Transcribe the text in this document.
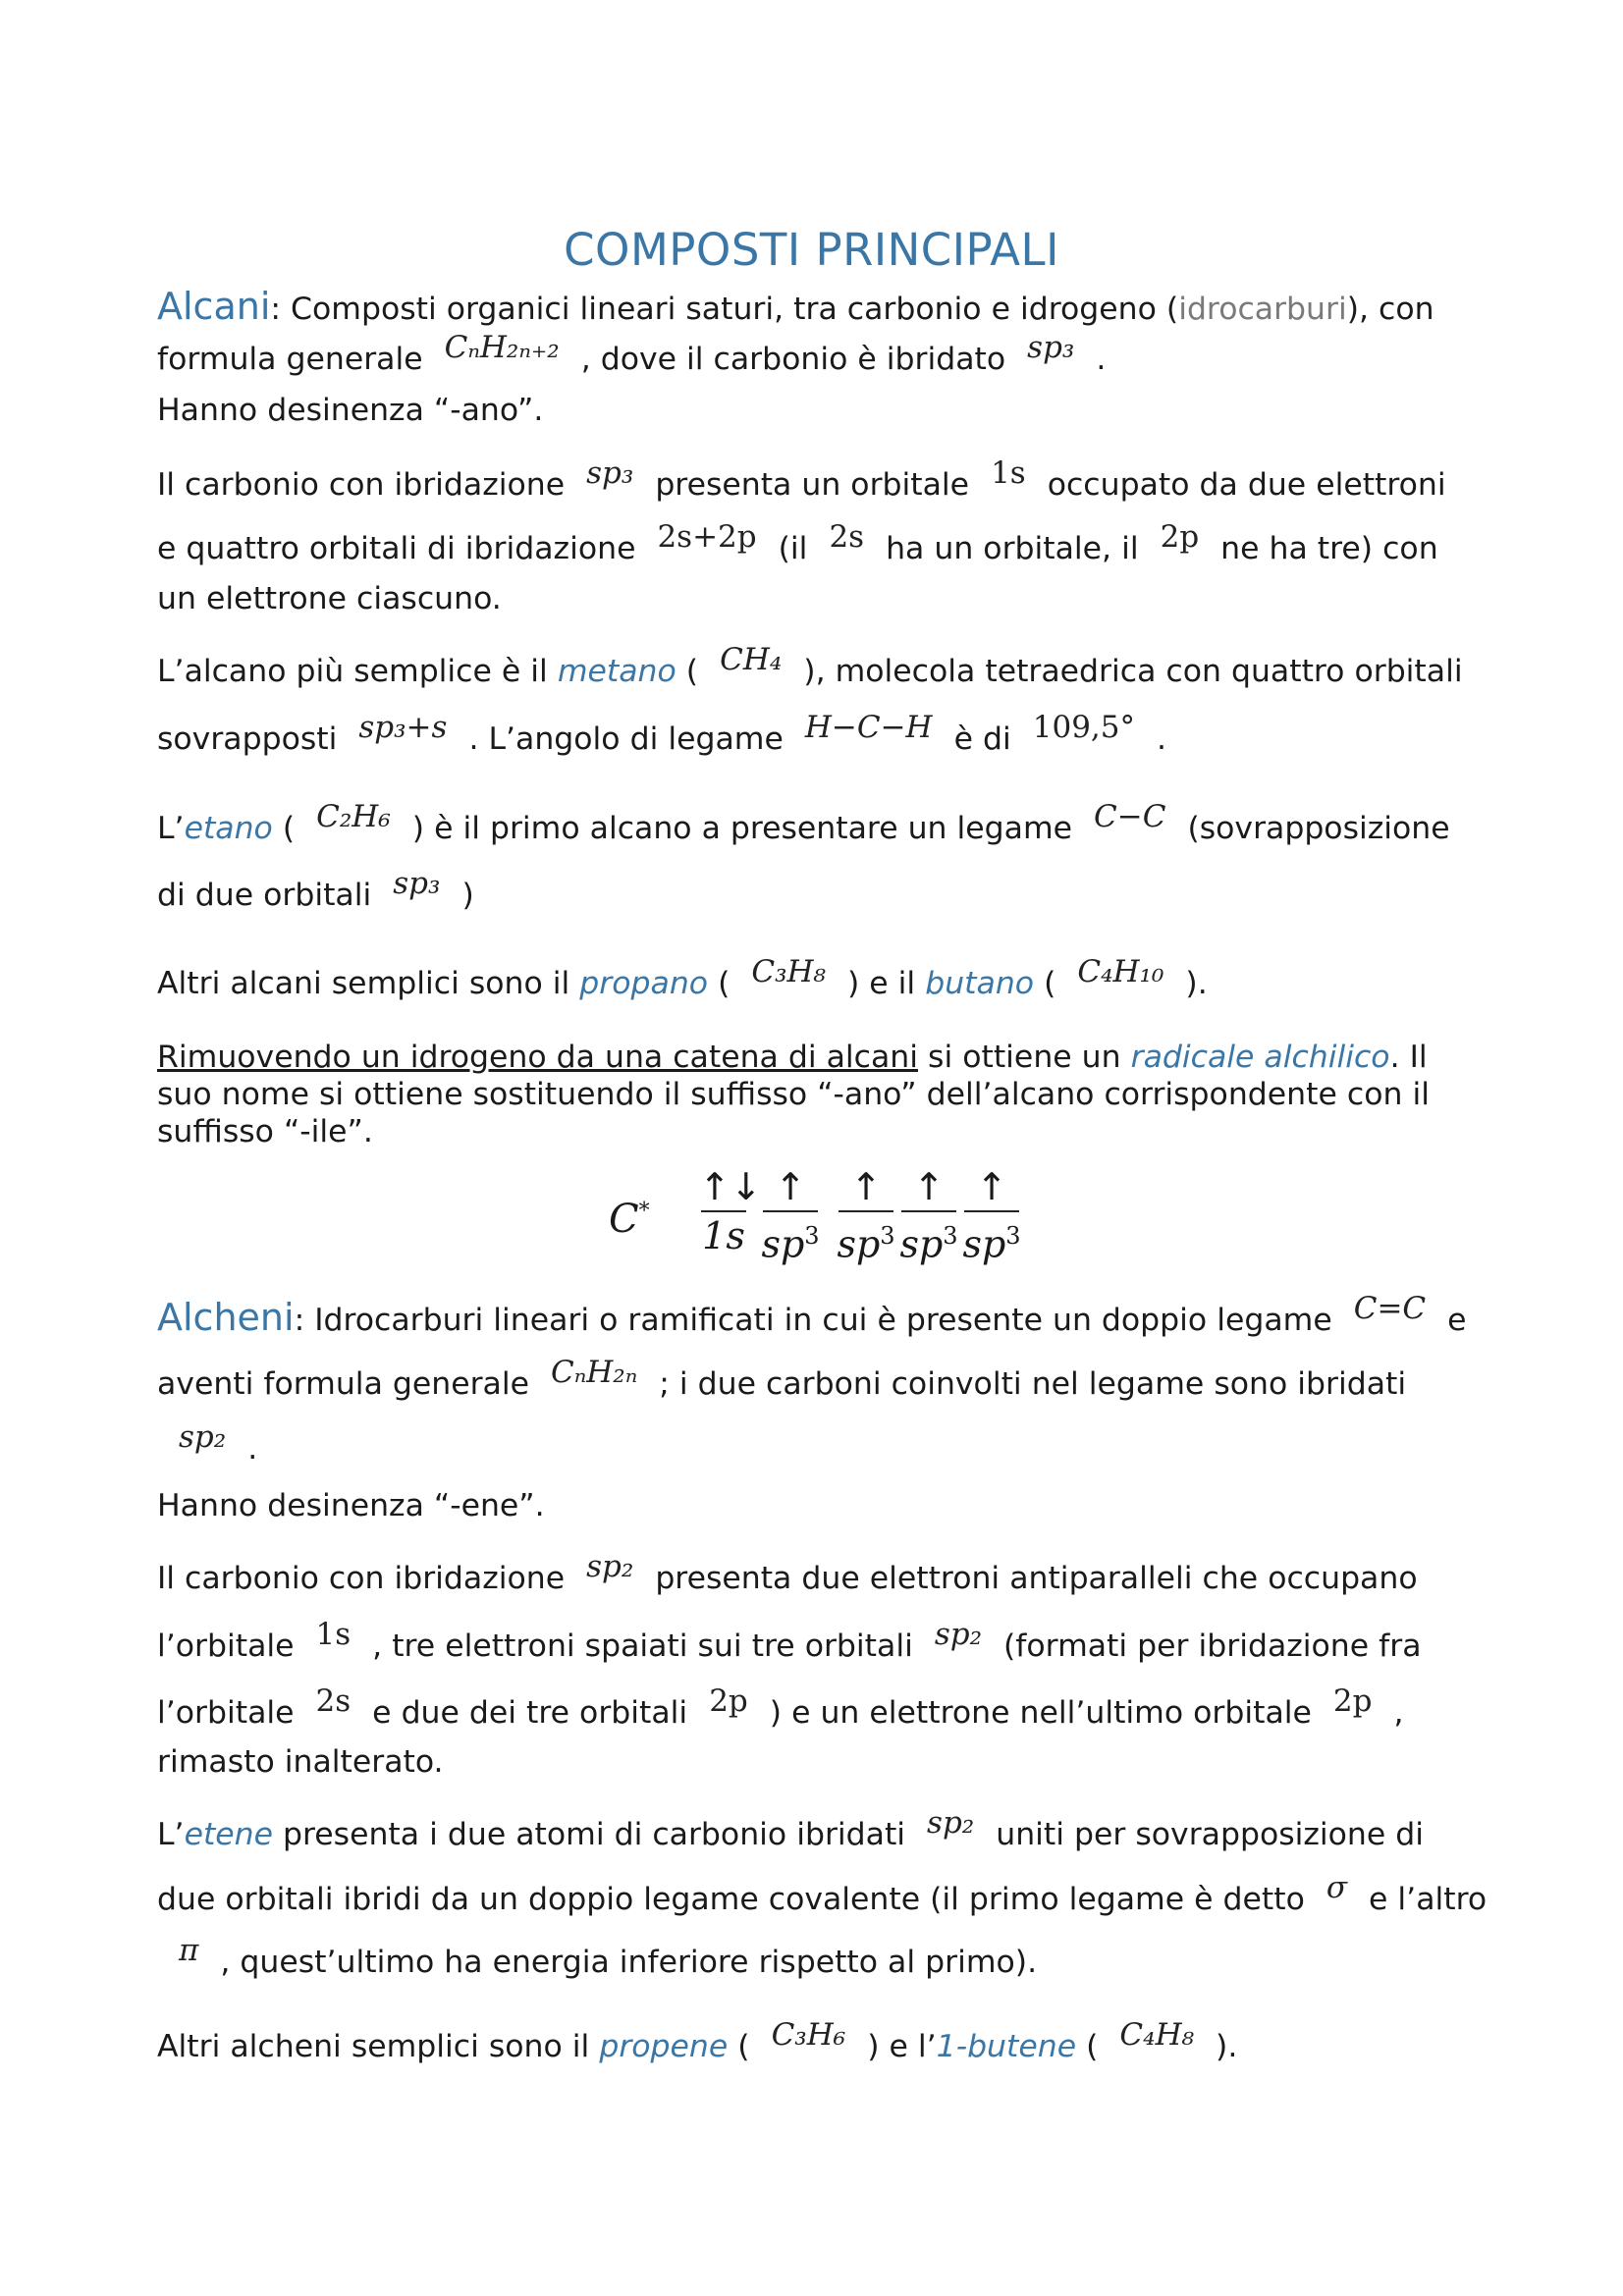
COMPOSTI PRINCIPALI
Alcani: Composti organici lineari saturi, tra carbonio e idrogeno (idrocarburi), con
formula generale CₙH₂ₙ₊₂ , dove il carbonio è ibridato sp₃ .
Hanno desinenza “-ano”.
Il carbonio con ibridazione sp₃ presenta un orbitale 1s occupato da due elettroni
e quattro orbitali di ibridazione 2s+2p (il 2s ha un orbitale, il 2p ne ha tre) con
un elettrone ciascuno.
L’alcano più semplice è il metano ( CH₄ ), molecola tetraedrica con quattro orbitali
sovrapposti sp₃+s . L’angolo di legame H−C−H è di 109,5° .
L’etano ( C₂H₆ ) è il primo alcano a presentare un legame C−C (sovrapposizione
di due orbitali sp₃ )
Altri alcani semplici sono il propano ( C₃H₈ ) e il butano ( C₄H₁₀ ).
Rimuovendo un idrogeno da una catena di alcani si ottiene un radicale alchilico. Il suo nome si ottiene sostituendo il suffisso “-ano” dell’alcano corrispondente con il suffisso “-ile”.
C*
↑↓
1s
↑
$sp^3$
↑
$sp^3$
↑
$sp^3$
↑
$sp^3$
Alcheni: Idrocarburi lineari o ramificati in cui è presente un doppio legame C=C e
aventi formula generale CₙH₂ₙ ; i due carboni coinvolti nel legame sono ibridati
sp₂ .
Hanno desinenza “-ene”.
Il carbonio con ibridazione sp₂ presenta due elettroni antiparalleli che occupano
l’orbitale 1s , tre elettroni spaiati sui tre orbitali sp₂ (formati per ibridazione fra
l’orbitale 2s e due dei tre orbitali 2p ) e un elettrone nell’ultimo orbitale 2p ,
rimasto inalterato.
L’etene presenta i due atomi di carbonio ibridati sp₂ uniti per sovrapposizione di
due orbitali ibridi da un doppio legame covalente (il primo legame è detto σ e l’altro
π , quest’ultimo ha energia inferiore rispetto al primo).
Altri alcheni semplici sono il propene ( C₃H₆ ) e l’1-butene ( C₄H₈ ).
